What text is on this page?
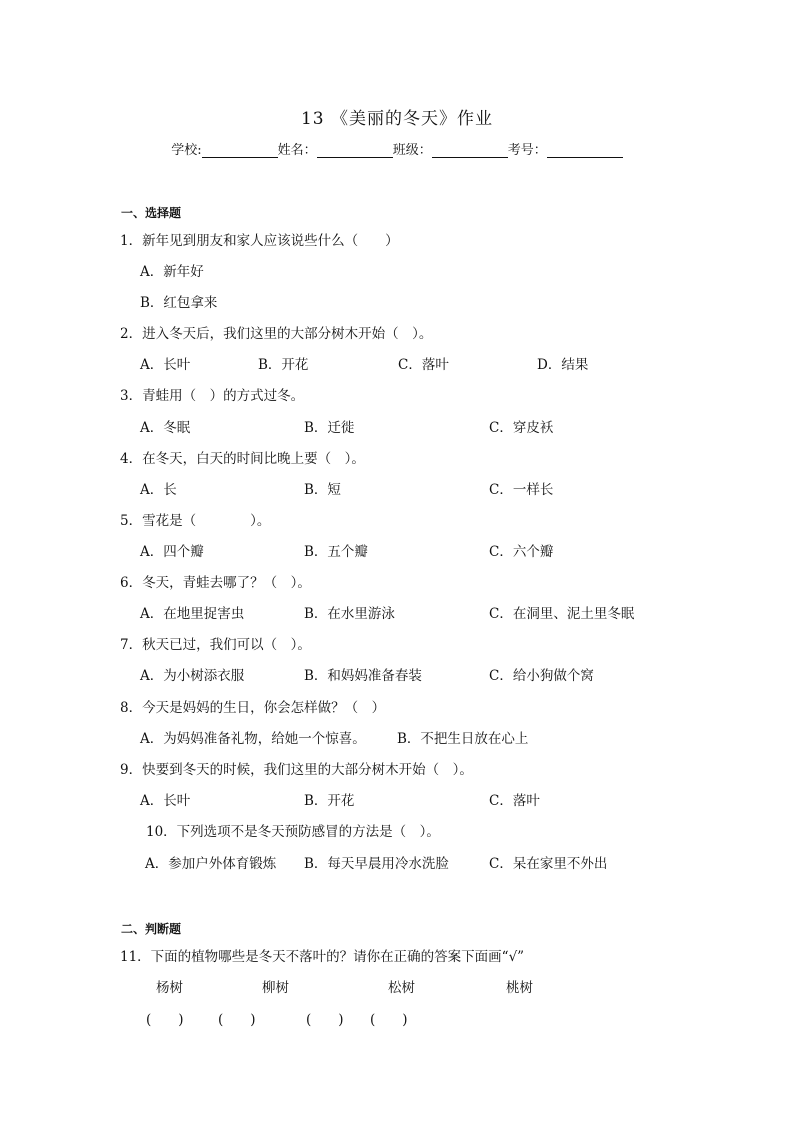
13 《美丽的冬天》作业
学校:	姓名：	班级：	考号：
一、选择题
1．新年见到朋友和家人应该说些什么（　　）
A．新年好
B．红包拿来
2．进入冬天后，我们这里的大部分树木开始（　）。
A．长叶	B．开花	C．落叶	D．结果
3．青蛙用（　）的方式过冬。
A．冬眠	B．迁徙	C．穿皮袄
4．在冬天，白天的时间比晚上要（　）。
A．长	B．短	C．一样长
5．雪花是（　　　　）。
A．四个瓣	B．五个瓣	C．六个瓣
6．冬天，青蛙去哪了？（　）。
A．在地里捉害虫	B．在水里游泳	C．在洞里、泥土里冬眠
7．秋天已过，我们可以（　）。
A．为小树添衣服	B．和妈妈准备春装	C．给小狗做个窝
8．今天是妈妈的生日，你会怎样做？（　）
A．为妈妈准备礼物，给她一个惊喜。 B．不把生日放在心上
9．快要到冬天的时候，我们这里的大部分树木开始（　）。
A．长叶	B．开花	C．落叶
10．下列选项不是冬天预防感冒的方法是（　）。
A．参加户外体育锻炼 B．每天早晨用冷水洗脸	C．呆在家里不外出
二、判断题
11．下面的植物哪些是冬天不落叶的？请你在正确的答案下面画“√”
杨树	柳树	松树	桃树
(　　)	(　　)	(　　) (　　)
